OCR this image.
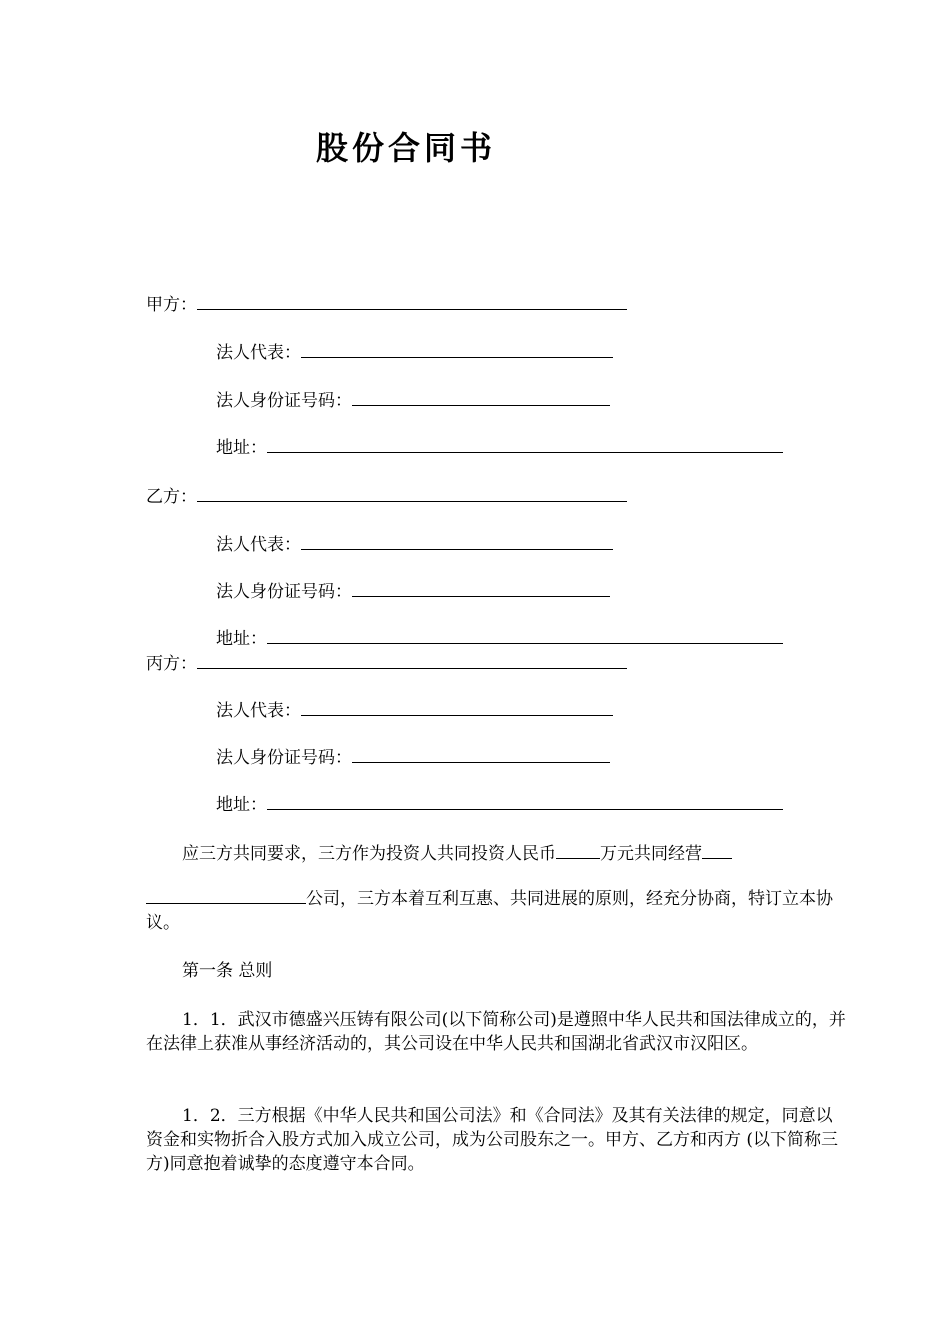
股份合同书
甲方：
法人代表：
法人身份证号码：
地址：
乙方：
法人代表：
法人身份证号码：
地址：
丙方：
法人代表：
法人身份证号码：
地址：
应三方共同要求，三方作为投资人共同投资人民币	万元共同经营
公司，三方本着互利互惠、共同进展的原则，经充分协商，特订立本协议。
第一条 总则
1．1．武汉市德盛兴压铸有限公司(以下简称公司)是遵照中华人民共和国法律成立的，并在法律上获准从事经济活动的，其公司设在中华人民共和国湖北省武汉市汉阳区。
1．2．三方根据《中华人民共和国公司法》和《合同法》及其有关法律的规定，同意以资金和实物折合入股方式加入成立公司，成为公司股东之一。甲方、乙方和丙方 (以下简称三方)同意抱着诚挚的态度遵守本合同。
